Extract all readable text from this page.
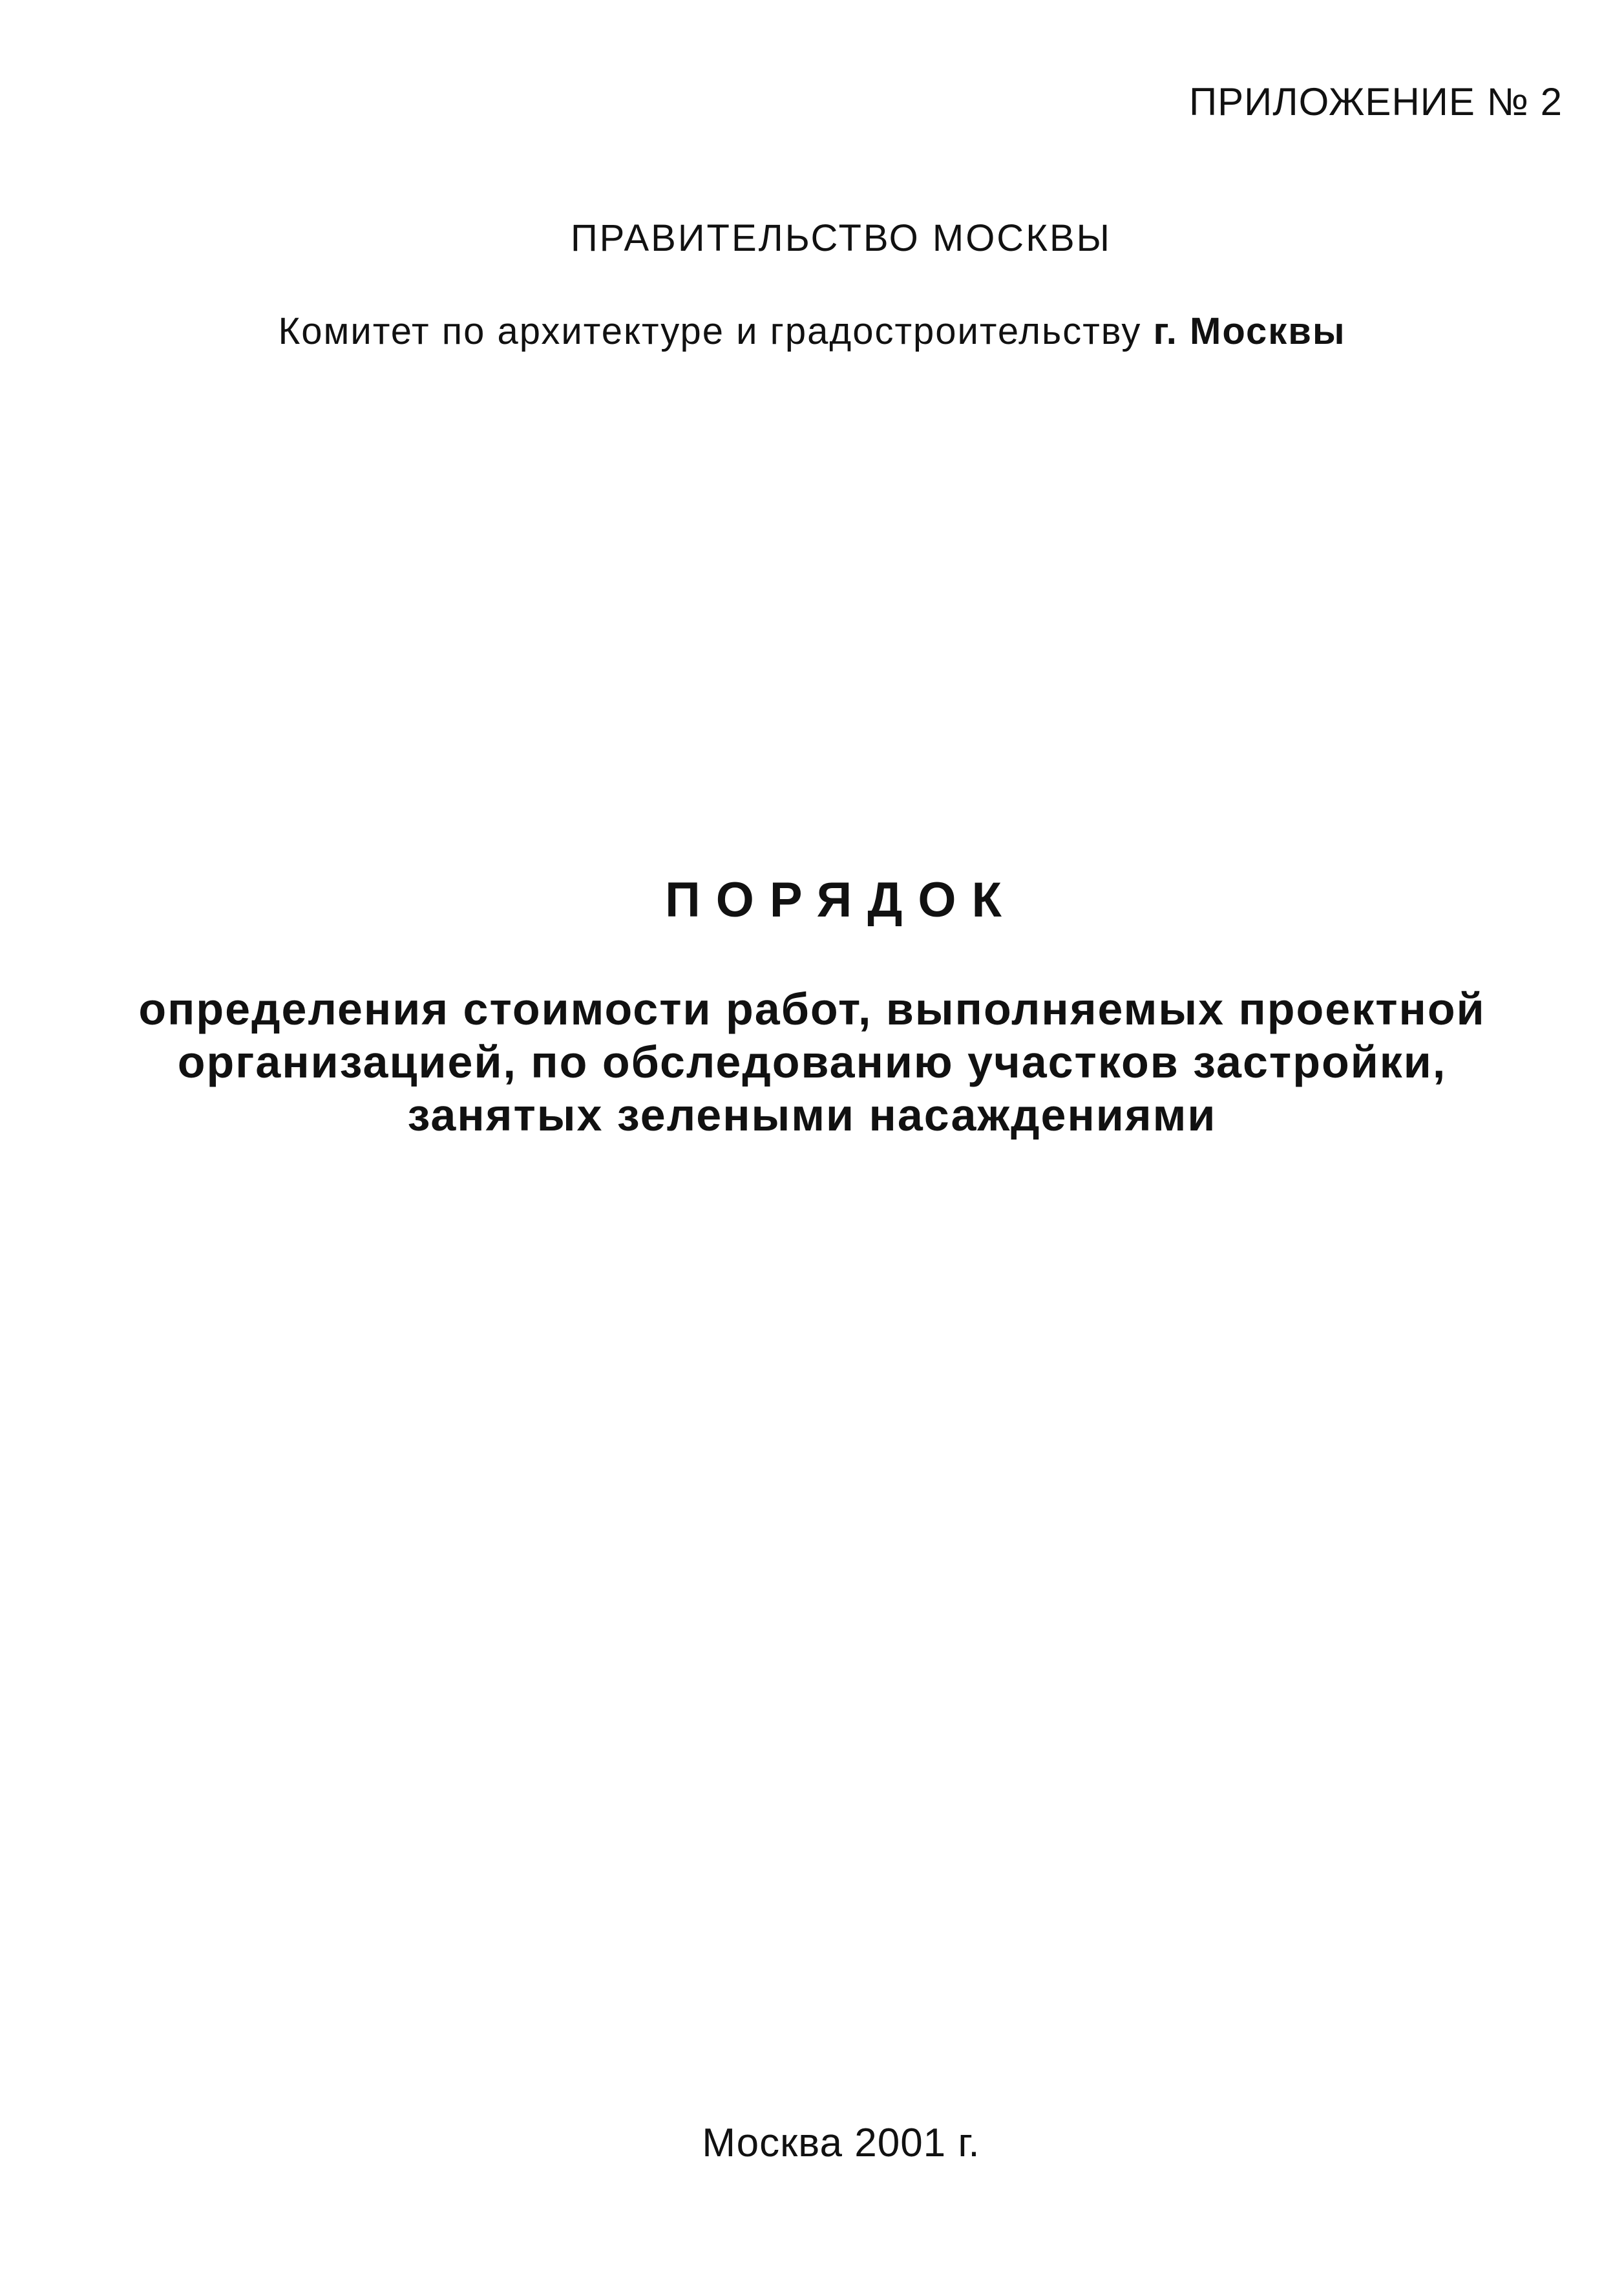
ПРИЛОЖЕНИЕ № 2

ПРАВИТЕЛЬСТВО МОСКВЫ

Комитет по архитектуре и градостроительству г. Москвы

ПОРЯДОК

определения стоимости работ, выполняемых проектной
организацией, по обследованию участков застройки,
занятых зелеными насаждениями

Москва 2001 г.
